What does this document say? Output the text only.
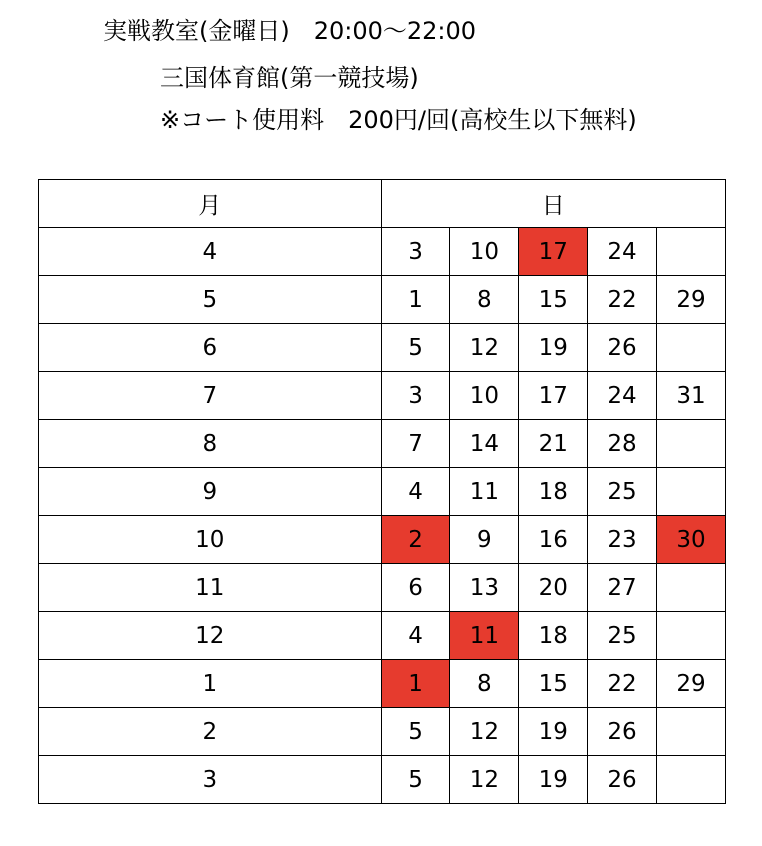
実戦教室(金曜日)　20:00～22:00
三国体育館(第一競技場)
※コート使用料　200円/回(高校生以下無料)
月	日				
4	3	10	17	24	
5	1	8	15	22	29
6	5	12	19	26	
7	3	10	17	24	31
8	7	14	21	28	
9	4	11	18	25	
10	2	9	16	23	30
11	6	13	20	27	
12	4	11	18	25	
1	1	8	15	22	29
2	5	12	19	26	
3	5	12	19	26	
